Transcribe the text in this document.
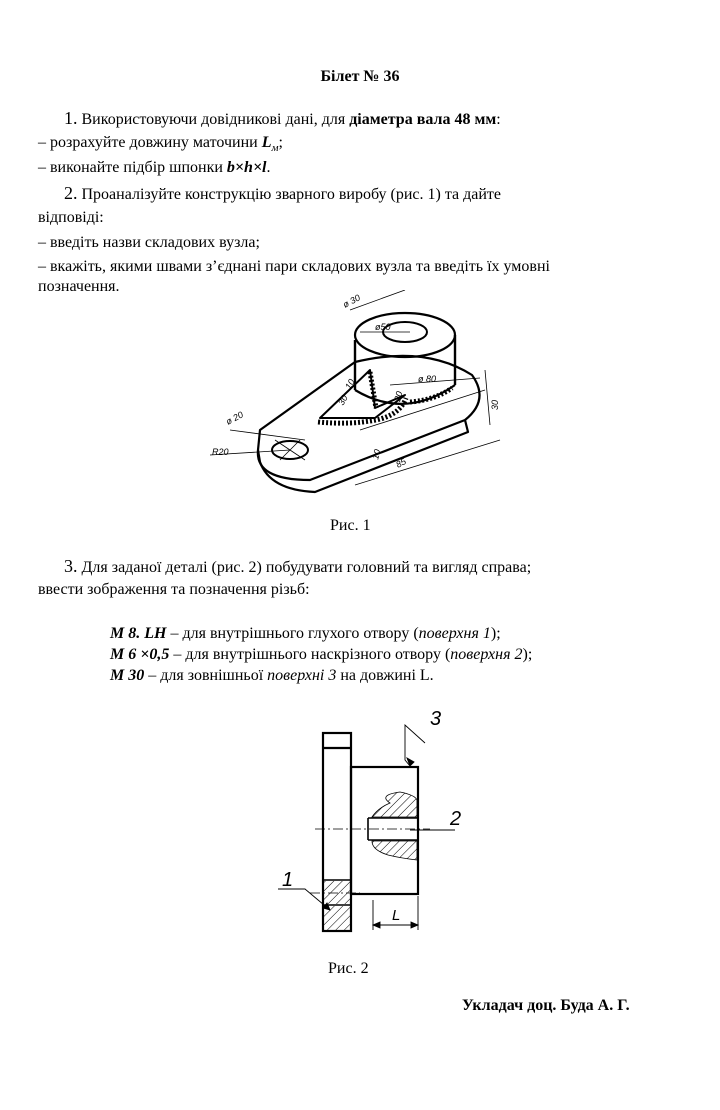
Білет № 36
1. Використовуючи довідникові дані, для діаметра вала 48 мм:
– розрахуйте довжину маточини $L_м$;
– виконайте підбір шпонки b×h×l.
2. Проаналізуйте конструкцію зварного виробу (рис. 1) та дайте
відповіді:
– введіть назви складових вузла;
– вкажіть, якими швами з’єднані пари складових вузла та введіть їх умовні
позначення.
ø 30
ø50
ø 80
ø 20
R20
10
30	20
30
10
85
Рис. 1
3. Для заданої деталі (рис. 2) побудувати головний та вигляд справа;
ввести зображення та позначення різьб:
M 8. LH – для внутрішнього глухого отвору (поверхня 1);
M 6 ×0,5 – для внутрішнього наскрізного отвору (поверхня 2);
M 30 – для зовнішньої поверхні 3 на довжині L.
1
2
3
L
Рис. 2
Укладач доц. Буда А. Г.
